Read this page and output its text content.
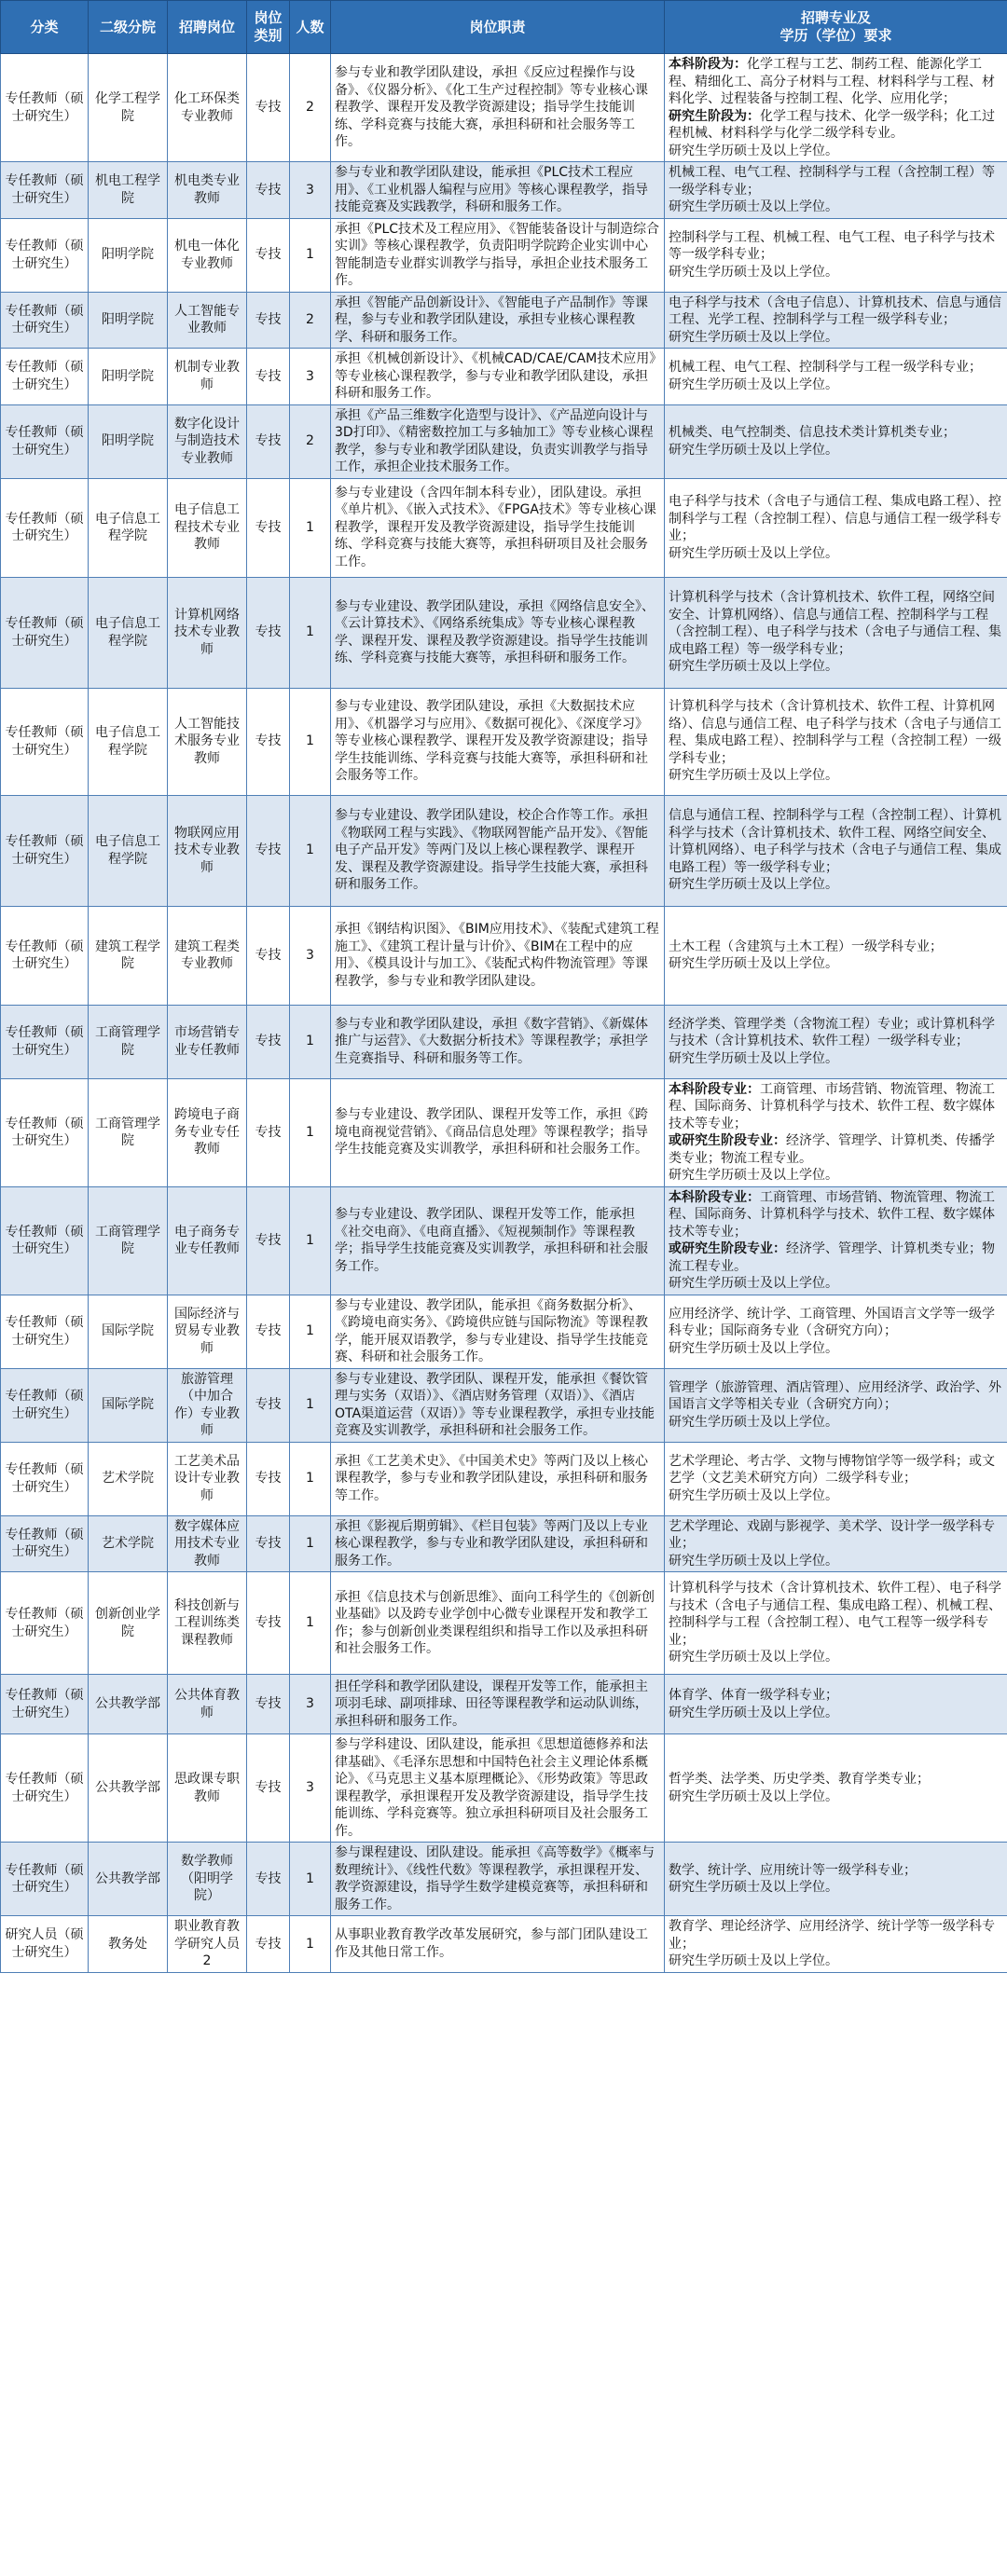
分类	二级分院	招聘岗位	岗位类别	人数	岗位职责	招聘专业及
学历（学位）要求

专任教师（硕士研究生）	化学工程学院	化工环保类专业教师	专技	2	参与专业和教学团队建设，承担《反应过程操作与设备》、《仪器分析》、《化工生产过程控制》等专业核心课程教学、课程开发及教学资源建设；指导学生技能训练、学科竞赛与技能大赛，承担科研和社会服务等工作。	本科阶段为：化学工程与工艺、制药工程、能源化学工程、精细化工、高分子材料与工程、材料科学与工程、材料化学、过程装备与控制工程、化学、应用化学；
研究生阶段为：化学工程与技术、化学一级学科；化工过程机械、材料科学与化学二级学科专业。
研究生学历硕士及以上学位。

专任教师（硕士研究生）	机电工程学院	机电类专业教师	专技	3	参与专业和教学团队建设，能承担《PLC技术工程应用》、《工业机器人编程与应用》等核心课程教学，指导技能竞赛及实践教学，科研和服务工作。	机械工程、电气工程、控制科学与工程（含控制工程）等一级学科专业；
研究生学历硕士及以上学位。

专任教师（硕士研究生）	阳明学院	机电一体化专业教师	专技	1	承担《PLC技术及工程应用》、《智能装备设计与制造综合实训》等核心课程教学，负责阳明学院跨企业实训中心智能制造专业群实训教学与指导，承担企业技术服务工作。	控制科学与工程、机械工程、电气工程、电子科学与技术等一级学科专业；
研究生学历硕士及以上学位。

专任教师（硕士研究生）	阳明学院	人工智能专业教师	专技	2	承担《智能产品创新设计》、《智能电子产品制作》等课程，参与专业和教学团队建设，承担专业核心课程教学、科研和服务工作。	电子科学与技术（含电子信息）、计算机技术、信息与通信工程、光学工程、控制科学与工程一级学科专业；
研究生学历硕士及以上学位。

专任教师（硕士研究生）	阳明学院	机制专业教师	专技	3	承担《机械创新设计》、《机械CAD/CAE/CAM技术应用》等专业核心课程教学，参与专业和教学团队建设，承担科研和服务工作。	机械工程、电气工程、控制科学与工程一级学科专业；
研究生学历硕士及以上学位。

专任教师（硕士研究生）	阳明学院	数字化设计与制造技术专业教师	专技	2	承担《产品三维数字化造型与设计》、《产品逆向设计与3D打印》、《精密数控加工与多轴加工》等专业核心课程教学，参与专业和教学团队建设，负责实训教学与指导工作，承担企业技术服务工作。	机械类、电气控制类、信息技术类计算机类专业；
研究生学历硕士及以上学位。

专任教师（硕士研究生）	电子信息工程学院	电子信息工程技术专业教师	专技	1	参与专业建设（含四年制本科专业），团队建设。承担《单片机》、《嵌入式技术》、《FPGA技术》等专业核心课程教学，课程开发及教学资源建设，指导学生技能训练、学科竞赛与技能大赛等，承担科研项目及社会服务工作。	电子科学与技术（含电子与通信工程、集成电路工程）、控制科学与工程（含控制工程）、信息与通信工程一级学科专业；
研究生学历硕士及以上学位。

专任教师（硕士研究生）	电子信息工程学院	计算机网络技术专业教师	专技	1	参与专业建设、教学团队建设，承担《网络信息安全》、《云计算技术》、《网络系统集成》等专业核心课程教学、课程开发、课程及教学资源建设。指导学生技能训练、学科竞赛与技能大赛等，承担科研和服务工作。	计算机科学与技术（含计算机技术、软件工程，网络空间安全、计算机网络）、信息与通信工程、控制科学与工程（含控制工程）、电子科学与技术（含电子与通信工程、集成电路工程）等一级学科专业；
研究生学历硕士及以上学位。

专任教师（硕士研究生）	电子信息工程学院	人工智能技术服务专业教师	专技	1	参与专业建设、教学团队建设，承担《大数据技术应用》、《机器学习与应用》、《数据可视化》、《深度学习》等专业核心课程教学、课程开发及教学资源建设；指导学生技能训练、学科竞赛与技能大赛等，承担科研和社会服务等工作。	计算机科学与技术（含计算机技术、软件工程、计算机网络）、信息与通信工程、电子科学与技术（含电子与通信工程、集成电路工程）、控制科学与工程（含控制工程）一级学科专业；
研究生学历硕士及以上学位。

专任教师（硕士研究生）	电子信息工程学院	物联网应用技术专业教师	专技	1	参与专业建设、教学团队建设，校企合作等工作。承担《物联网工程与实践》、《物联网智能产品开发》、《智能电子产品开发》等两门及以上核心课程教学、课程开发、课程及教学资源建设。指导学生技能大赛，承担科研和服务工作。	信息与通信工程、控制科学与工程（含控制工程）、计算机科学与技术（含计算机技术、软件工程、网络空间安全、计算机网络）、电子科学与技术（含电子与通信工程、集成电路工程）等一级学科专业；
研究生学历硕士及以上学位。

专任教师（硕士研究生）	建筑工程学院	建筑工程类专业教师	专技	3	承担《钢结构识图》、《BIM应用技术》、《装配式建筑工程施工》、《建筑工程计量与计价》、《BIM在工程中的应用》、《模具设计与加工》、《装配式构件物流管理》等课程教学，参与专业和教学团队建设。	土木工程（含建筑与土木工程）一级学科专业；
研究生学历硕士及以上学位。

专任教师（硕士研究生）	工商管理学院	市场营销专业专任教师	专技	1	参与专业和教学团队建设，承担《数字营销》、《新媒体推广与运营》、《大数据分析技术》等课程教学；承担学生竞赛指导、科研和服务等工作。	经济学类、管理学类（含物流工程）专业；或计算机科学与技术（含计算机技术、软件工程）一级学科专业；
研究生学历硕士及以上学位。

专任教师（硕士研究生）	工商管理学院	跨境电子商务专业专任教师	专技	1	参与专业建设、教学团队、课程开发等工作，承担《跨境电商视觉营销》、《商品信息处理》等课程教学；指导学生技能竞赛及实训教学，承担科研和社会服务工作。	本科阶段专业：工商管理、市场营销、物流管理、物流工程、国际商务、计算机科学与技术、软件工程、数字媒体技术等专业；
或研究生阶段专业：经济学、管理学、计算机类、传播学类专业；物流工程专业。
研究生学历硕士及以上学位。

专任教师（硕士研究生）	工商管理学院	电子商务专业专任教师	专技	1	参与专业建设、教学团队、课程开发等工作，能承担《社交电商》、《电商直播》、《短视频制作》等课程教学；指导学生技能竞赛及实训教学，承担科研和社会服务工作。	本科阶段专业：工商管理、市场营销、物流管理、物流工程、国际商务、计算机科学与技术、软件工程、数字媒体技术等专业；
或研究生阶段专业：经济学、管理学、计算机类专业；物流工程专业。
研究生学历硕士及以上学位。

专任教师（硕士研究生）	国际学院	国际经济与贸易专业教师	专技	1	参与专业建设、教学团队，能承担《商务数据分析》、《跨境电商实务》、《跨境供应链与国际物流》等课程教学，能开展双语教学，参与专业建设、指导学生技能竞赛、科研和社会服务工作。	应用经济学、统计学、工商管理、外国语言文学等一级学科专业；国际商务专业（含研究方向）；
研究生学历硕士及以上学位。

专任教师（硕士研究生）	国际学院	旅游管理（中加合作）专业教师	专技	1	参与专业建设、教学团队、课程开发，能承担《餐饮管理与实务（双语）》、《酒店财务管理（双语）》、《酒店OTA渠道运营（双语）》等专业课程教学，承担专业技能竞赛及实训教学，承担科研和社会服务工作。	管理学（旅游管理、酒店管理）、应用经济学、政治学、外国语言文学等相关专业（含研究方向）；
研究生学历硕士及以上学位。

专任教师（硕士研究生）	艺术学院	工艺美术品设计专业教师	专技	1	承担《工艺美术史》、《中国美术史》等两门及以上核心课程教学，参与专业和教学团队建设，承担科研和服务等工作。	艺术学理论、考古学、文物与博物馆学等一级学科；或文艺学（文艺美术研究方向）二级学科专业；
研究生学历硕士及以上学位。

专任教师（硕士研究生）	艺术学院	数字媒体应用技术专业教师	专技	1	承担《影视后期剪辑》、《栏目包装》等两门及以上专业核心课程教学，参与专业和教学团队建设，承担科研和服务工作。	艺术学理论、戏剧与影视学、美术学、设计学一级学科专业；
研究生学历硕士及以上学位。

专任教师（硕士研究生）	创新创业学院	科技创新与工程训练类课程教师	专技	1	承担《信息技术与创新思维》、面向工科学生的《创新创业基础》以及跨专业学创中心微专业课程开发和教学工作；参与创新创业类课程组织和指导工作以及承担科研和社会服务工作。	计算机科学与技术（含计算机技术、软件工程）、电子科学与技术（含电子与通信工程、集成电路工程）、机械工程、控制科学与工程（含控制工程）、电气工程等一级学科专业；
研究生学历硕士及以上学位。

专任教师（硕士研究生）	公共教学部	公共体育教师	专技	3	担任学科和教学团队建设，课程开发等工作，能承担主项羽毛球、副项排球、田径等课程教学和运动队训练，承担科研和服务工作。	体育学、体育一级学科专业；
研究生学历硕士及以上学位。

专任教师（硕士研究生）	公共教学部	思政课专职教师	专技	3	参与学科建设、团队建设，能承担《思想道德修养和法律基础》、《毛泽东思想和中国特色社会主义理论体系概论》、《马克思主义基本原理概论》、《形势政策》等思政课程教学，承担课程开发及教学资源建设，指导学生技能训练、学科竞赛等。独立承担科研项目及社会服务工作。	哲学类、法学类、历史学类、教育学类专业；
研究生学历硕士及以上学位。

专任教师（硕士研究生）	公共教学部	数学教师（阳明学院）	专技	1	参与课程建设、团队建设。能承担《高等数学》《概率与数理统计》、《线性代数》等课程教学，承担课程开发、教学资源建设，指导学生数学建模竞赛等，承担科研和服务工作。	数学、统计学、应用统计等一级学科专业；
研究生学历硕士及以上学位。

研究人员（硕士研究生）	教务处	职业教育教学研究人员2	专技	1	从事职业教育教学改革发展研究，参与部门团队建设工作及其他日常工作。	教育学、理论经济学、应用经济学、统计学等一级学科专业；
研究生学历硕士及以上学位。
